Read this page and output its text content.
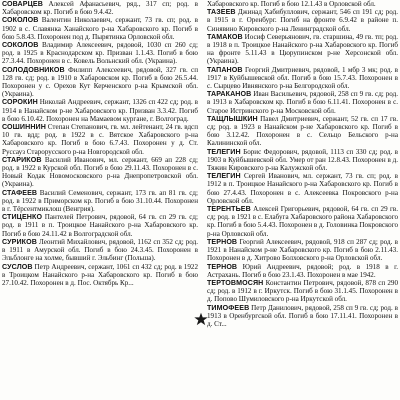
СОВАРЦЕВ Алексей Афанасьевич, ряд., 317 сп; род. в Хабаровском кр. Погиб в бою 9.4.42.
СОКОЛОВ Валентин Николаевич, сержант, 73 гв. сп; род. в 1902 в с. Славянка Ханайского р-на Хабаровского кр. Погиб в бою 5.8.43. Похоронен под д. Пырятинка Орловской обл.
СОКОЛОВ Владимир Алексеевич, рядовой, 1030 сп 260 сд; род. в 1925 в Краснодарском кр. Призван 1.1.43. Погиб в бою 27.3.44. Похоронен в с. Ковель Вольнский обл. (Украина).
СОЛОДОВНИКОВ Филипп Алексеевич, рядовой, 327 гв. сп 128 гв. сд; род. в 1910 в Хабаровском кр. Погиб в бою 26.5.44. Похоронен у с. Орехов Кут Керченского р-на Крымской обл. (Украина).
СОРОКИН Николай Андреевич, сержант, 1326 сп 422 сд; род. в 1914 в Нанайском р-не Хабаровского кр. Призван 3.3.42. Погиб в бою 6.10.42. Похоронен на Мамаевом кургане, г. Волгоград.
СОШИННИН Степан Степанович, гв. мл. лейтенант, 24 гв. вдсп 10 гв. вдд; род. в 1922 в с. Вятское Хабаровского р-на Хабаровского кр. Погиб в бою 6.7.43. Похоронен у д. Ст. Руссауз Старорусского р-на Новгородской обл.
СТАРИКОВ Василий Иванович, мл. сержант, 669 ап 228 сд; род. в 1922 в Курской обл. Погиб в бою 29.11.43. Похоронен в с. Новый Кодак Новомосковского р-на Днепропетровской обл. (Украина).
СТАФЕЕВ Василий Семенович, сержант, 173 гв. ап 81 гв. сд; род. в 1922 в Приморском кр. Погиб в бою 31.10.44. Похоронен в г. Тёрсентмиклош (Венгрия).
СТИЦЕНКО Пантелей Петрович, рядовой, 64 гв. сп 29 гв. сд; род. в 1911 в п. Троицкое Нанайского р-на Хабаровского кр. Погиб в бою 24.11.42 в Волгоградской обл.
СУРИКОВ Леонтий Михайлович, рядовой, 1162 сп 352 сд; род. в 1911 в Амурской обл. Погиб в бою 24.3.45. Похоронен в Эльблонге на холме, бывший г. Эльбинг (Польша).
СУСЛОВ Петр Андреевич, сержант, 1061 сп 432 сд; род. в 1922 в Троицком Нанайского р-на Хабаровского кр. Погиб в бою 27.10.42. Похоронен в д. Пос. Октябрь Кр...
Хабаровского кр. Погиб в бою 12.1.43 в Орловской обл.
ТАЗЕЕВ Джинад Хабибуллович, сержант, 546 сп 191 сд; род. в 1915 в г. Оренбург. Погиб на фронте 6.9.42 в районе п. Синявино Кировского р-на Ленинградской обл.
ТАМАКОВ Иосиф Северьянович, гв. старшина, 49 гв. тп; род. в 1918 в п. Троицкое Нанайского р-на Хабаровского кр. Погиб на фронте 5.11.43 в Цюрупинском р-не Херсонской обл. (Украина).
ТАПАНОВ Георгий Дмитриевич, рядовой, 1 мбр 3 мк; род. в 1917 в Куйбышевской обл. Погиб в бою 15.7.43. Похоронен в с. Сырцево Ивнянского р-на Белгородской обл.
ТАРАКАНОВ Иван Васильевич, рядовой, 258 сп 9 гв. сд; род. в 1913 в Хабаровском кр. Погиб в бою 6.11.41. Похоронен в с. Старое Истринского р-на Московской обл.
ТАЩЛЫШКИН Павел Дмитриевич, сержант, 52 гв. сп 17 гв. сд; род. в 1923 в Нанайском р-не Хабаровского кр. Погиб в бою 3.12.42. Похоронен в с. Сельцо Бельского р-на Калининской обл.
ТЕЛЕГИН Борис Федорович, рядовой, 1113 сп 330 сд; род. в 1903 в Куйбышевской обл. Умер от ран 12.8.43. Похоронен в д. Тяжин Кировского р-на Калужской обл.
ТЕЛЕГИН Сергей Иванович, мл. сержант, 73 гв. сп; род. в 1912 в п. Троицкое Нанайского р-на Хабаровского кр. Погиб в бою 27.4.43. Похоронен в с. Алексеевка Покровского р-на Орловской обл.
ТЕРЕНТЬЕВ Алексей Григорьевич, рядовой, 64 гв. сп 29 гв. сд; род. в 1921 в с. Елабуга Хабаровского района Хабаровского кр. Погиб в бою 5.4.43. Похоронен в д. Головинка Покровского р-на Орловской обл.
ТЕРНОВ Георгий Алексеевич, рядовой, 918 сп 287 сд; род. в 1921 в Нанайском р-не Хабаровского кр. Погиб в бою 2.11.43. Похоронен в д. Хитрово Болховского р-на Орловской обл.
ТЕРНОВ Юрий Андреевич, рядовой; род. в 1918 в г. Астрахань. Погиб в бою 23.1.43. Похоронен в мае 1942.
ТЕРТОВМОСЯН Константин Петрович, рядовой, 878 сп 290 сд; род. в 1912 в г. Иркутск. Погиб в бою 31.1.45. Похоронен в д. Попово Шумиловского р-на Иркутской обл.
ТИМОФЕЕВ Петр Данилович, рядовой, 258 сп 9 гв. сд; род. в 1913 в Оренбургской обл. Погиб в бою 17.11.41. Похоронен в д. Ст...
